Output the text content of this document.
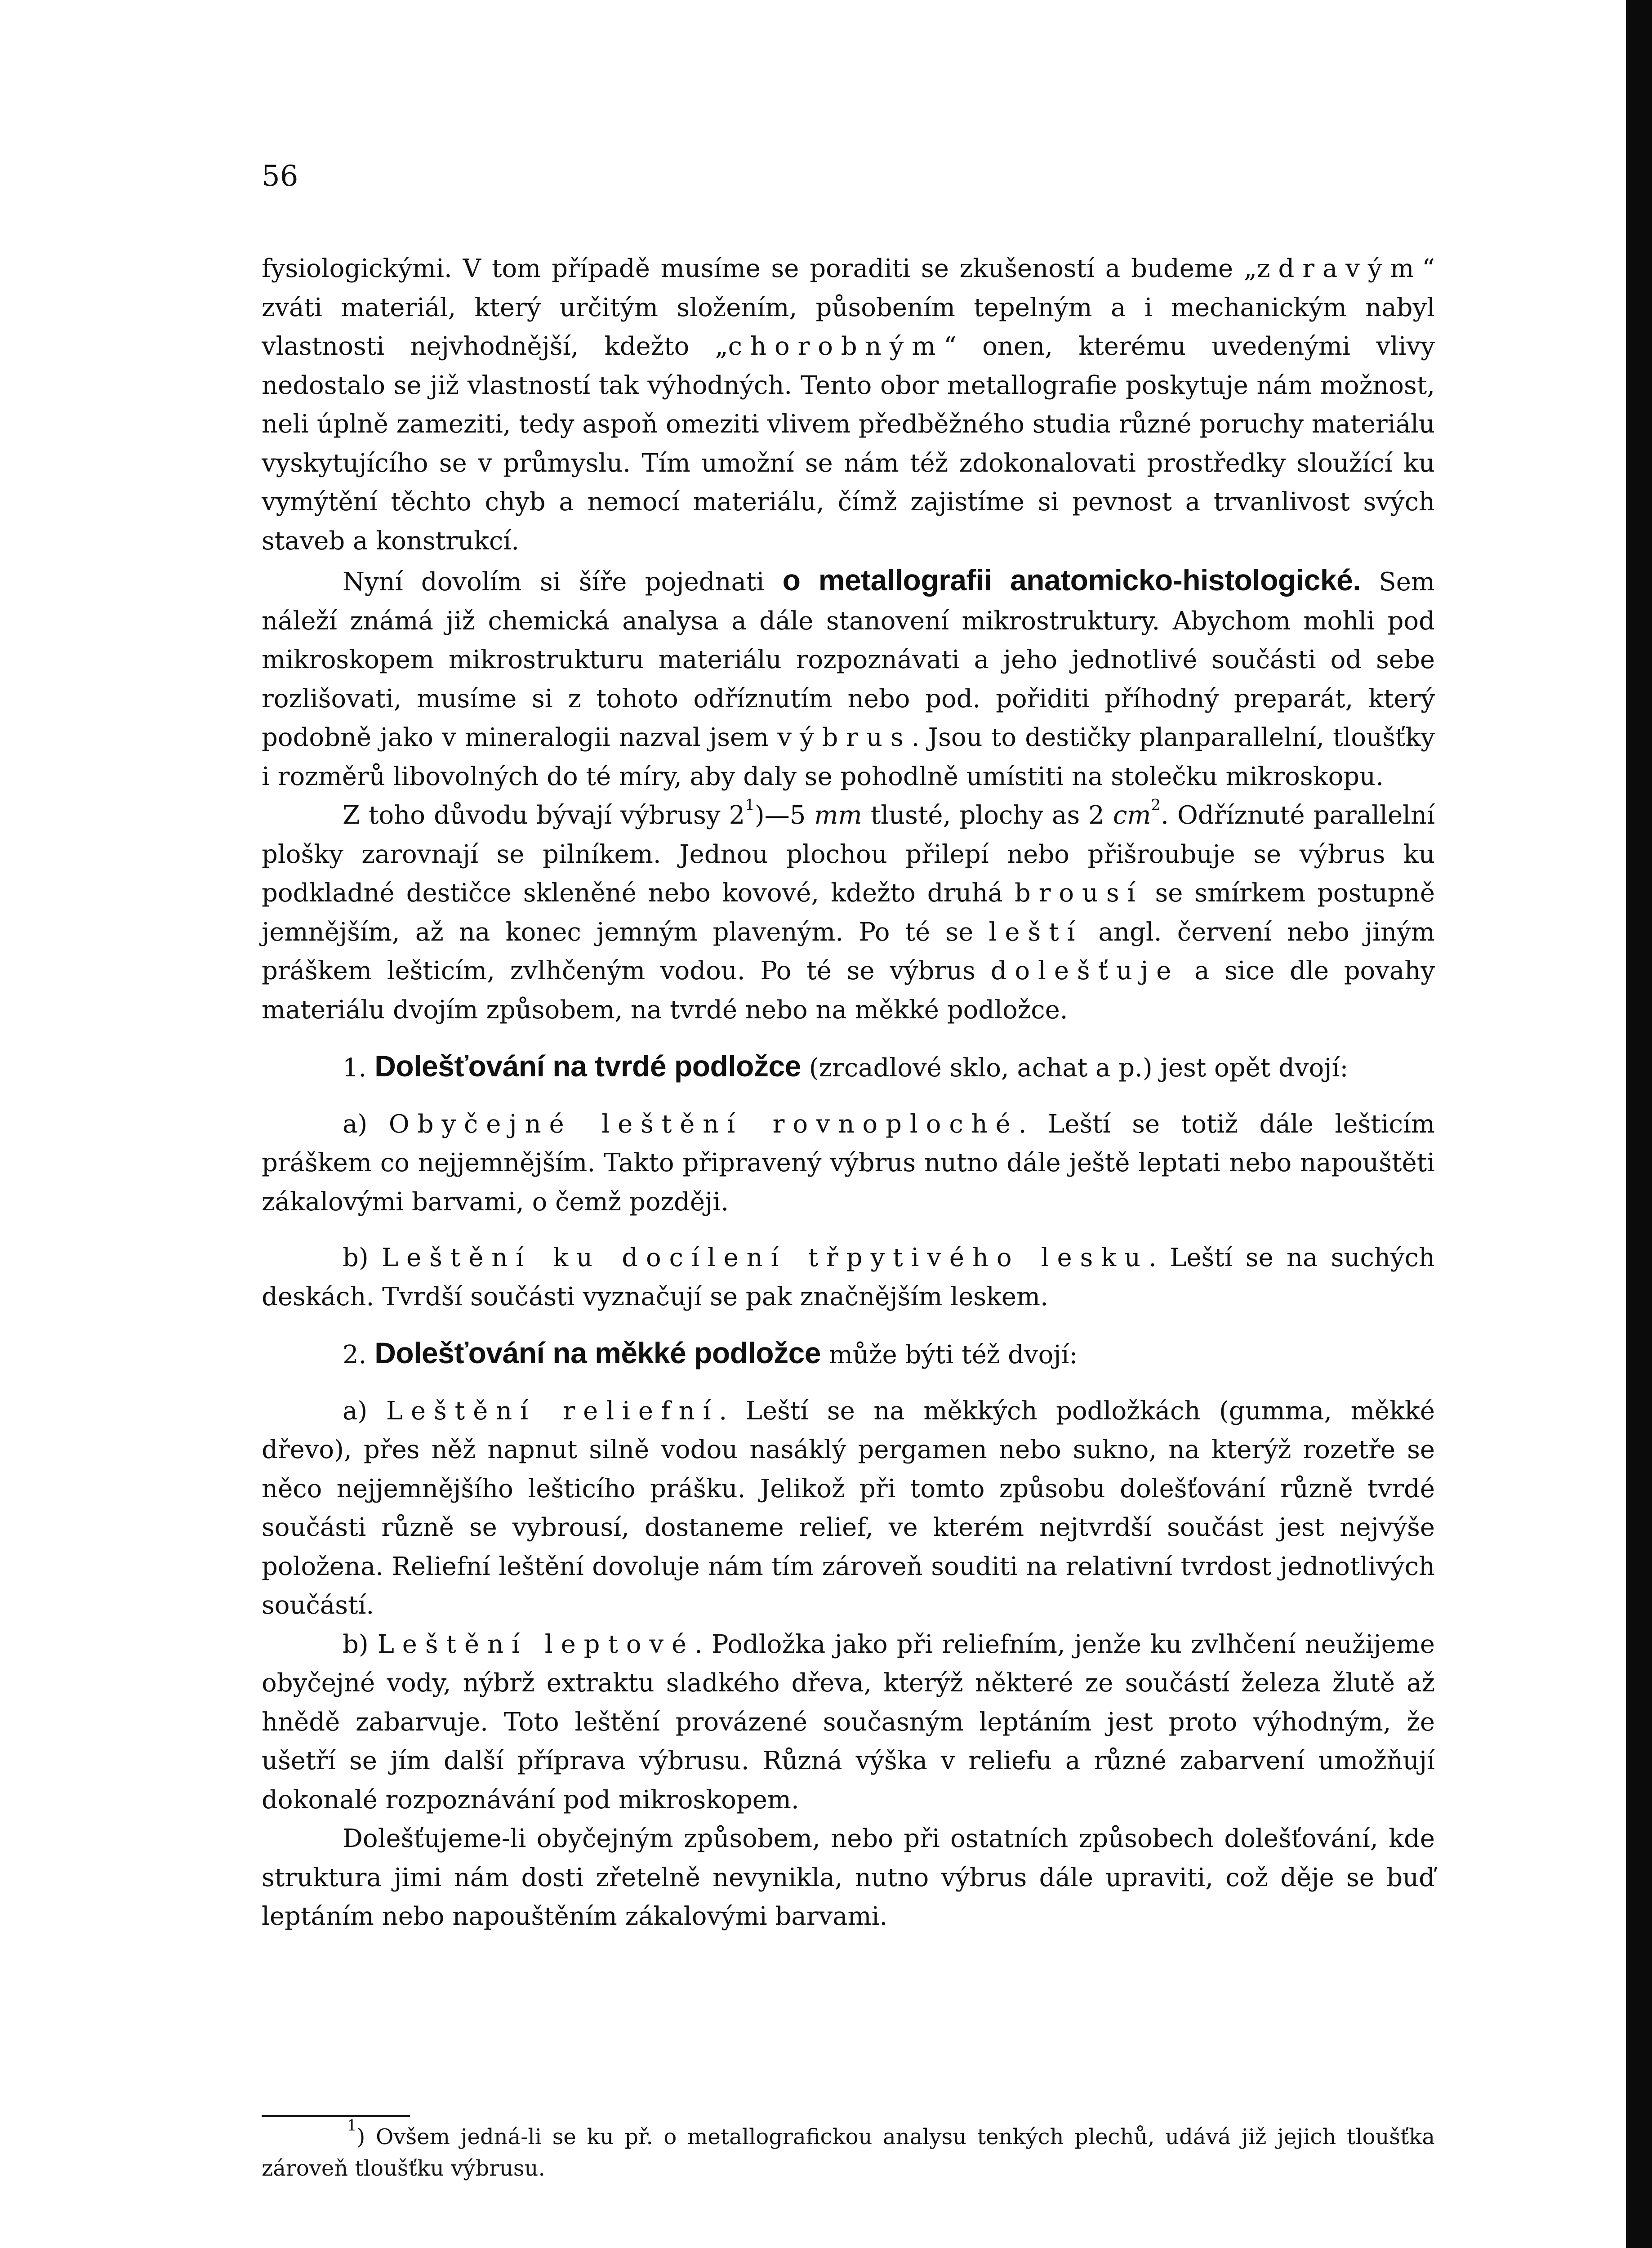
56

fysiologickými. V tom případě musíme se poraditi se zkušeností a budeme „zdravým“ zváti materiál, který určitým složením, působením tepelným a i mechanickým nabyl vlastnosti nejvhodnější, kdežto „chorobným“ onen, kterému uvedenými vlivy nedostalo se již vlastností tak výhodných. Tento obor metallografie poskytuje nám možnost, neli úplně zameziti, tedy aspoň omeziti vlivem předběžného studia různé poruchy materiálu vyskytujícího se v průmyslu. Tím umožní se nám též zdokonalovati prostředky sloužící ku vymýtění těchto chyb a nemocí materiálu, čímž zajistíme si pevnost a trvanlivost svých staveb a konstrukcí.

Nyní dovolím si šíře pojednati o metallografii anatomicko-histologické. Sem náleží známá již chemická analysa a dále stanovení mikrostruktury. Abychom mohli pod mikroskopem mikrostrukturu materiálu rozpoznávati a jeho jednotlivé součásti od sebe rozlišovati, musíme si z tohoto odříznutím nebo pod. pořiditi příhodný preparát, který podobně jako v mineralogii nazval jsem výbrus. Jsou to destičky planparallelní, tloušťky i rozměrů libovolných do té míry, aby daly se pohodlně umístiti na stolečku mikroskopu.

Z toho důvodu bývají výbrusy $2^1)—5$ mm tlusté, plochy as 2 $cm^2$. Odříznuté parallelní plošky zarovnají se pilníkem. Jednou plochou přilepí nebo přišroubuje se výbrus ku podkladné destičce skleněné nebo kovové, kdežto druhá brousí se smírkem postupně jemnějším, až na konec jemným plaveným. Po té se leští angl. červení nebo jiným práškem lešticím, zvlhčeným vodou. Po té se výbrus dolešťuje a sice dle povahy materiálu dvojím způsobem, na tvrdé nebo na měkké podložce.

1. Dolešťování na tvrdé podložce (zrcadlové sklo, achat a p.) jest opět dvojí:

a) Obyčejné leštění rovnoploché. Leští se totiž dále lešticím práškem co nejjemnějším. Takto připravený výbrus nutno dále ještě leptati nebo napouštěti zákalovými barvami, o čemž později.

b) Leštění ku docílení třpytivého lesku. Leští se na suchých deskách. Tvrdší součásti vyznačují se pak značnějším leskem.

2. Dolešťování na měkké podložce může býti též dvojí:

a) Leštění reliefní. Leští se na měkkých podložkách (gumma, měkké dřevo), přes něž napnut silně vodou nasáklý pergamen nebo sukno, na kterýž rozetře se něco nejjemnějšího lešticího prášku. Jelikož při tomto způsobu dolešťování různě tvrdé součásti různě se vybrousí, dostaneme relief, ve kterém nejtvrdší součást jest nejvýše položena. Reliefní leštění dovoluje nám tím zároveň souditi na relativní tvrdost jednotlivých součástí.

b) Leštění leptové. Podložka jako při reliefním, jenže ku zvlhčení neužijeme obyčejné vody, nýbrž extraktu sladkého dřeva, kterýž některé ze součástí železa žlutě až hnědě zabarvuje. Toto leštění provázené současným leptáním jest proto výhodným, že ušetří se jím další příprava výbrusu. Různá výška v reliefu a různé zabarvení umožňují dokonalé rozpoznávání pod mikroskopem.

Dolešťujeme-li obyčejným způsobem, nebo při ostatních způsobech dolešťování, kde struktura jimi nám dosti zřetelně nevynikla, nutno výbrus dále upraviti, což děje se buď leptáním nebo napouštěním zákalovými barvami.

$^1$) Ovšem jedná-li se ku př. o metallografickou analysu tenkých plechů, udává již jejich tloušťka zároveň tloušťku výbrusu.
